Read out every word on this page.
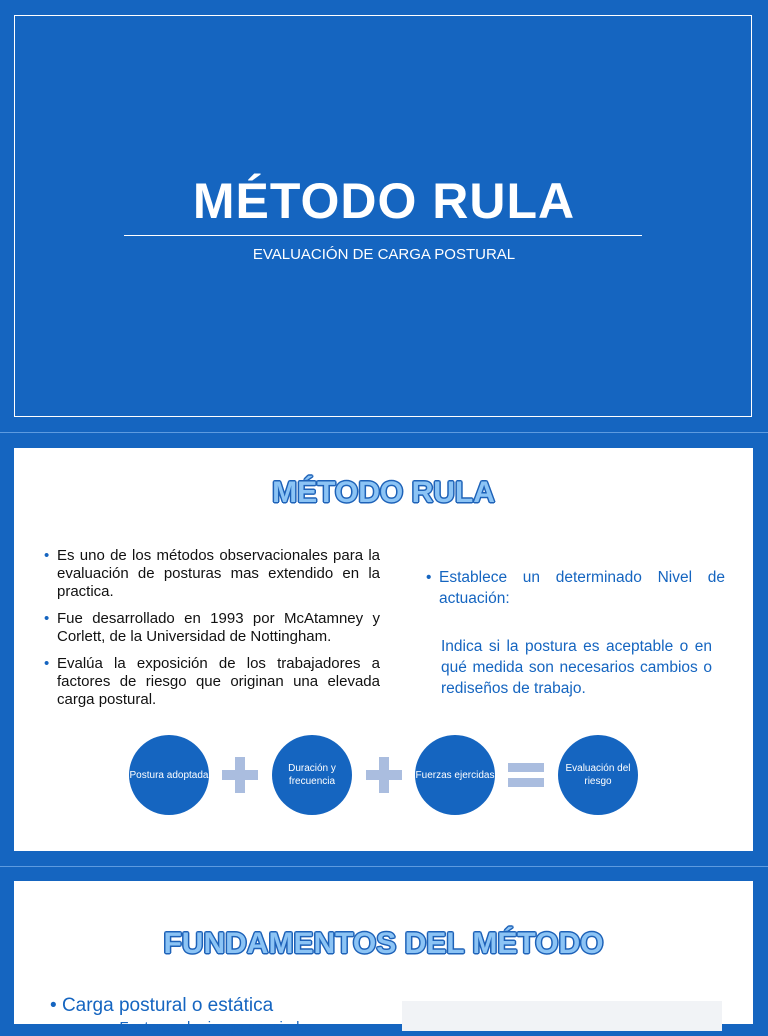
MÉTODO RULA
EVALUACIÓN DE CARGA POSTURAL
MÉTODO RULA
• Es uno de los métodos observacionales para la evaluación de posturas mas extendido en la practica.
• Fue desarrollado en 1993 por McAtamney y Corlett, de la Universidad de Nottingham.
• Evalúa la exposición de los trabajadores a factores de riesgo que originan una elevada carga postural.
• Establece un determinado Nivel de actuación:
Indica si la postura es aceptable o en qué medida son necesarios cambios o rediseños de trabajo.
Postura adoptada
Duración y frecuencia
Fuerzas ejercidas
Evaluación del riesgo
FUNDAMENTOS DEL MÉTODO
• Carga postural o estática
• Factores de riesgo asociados
